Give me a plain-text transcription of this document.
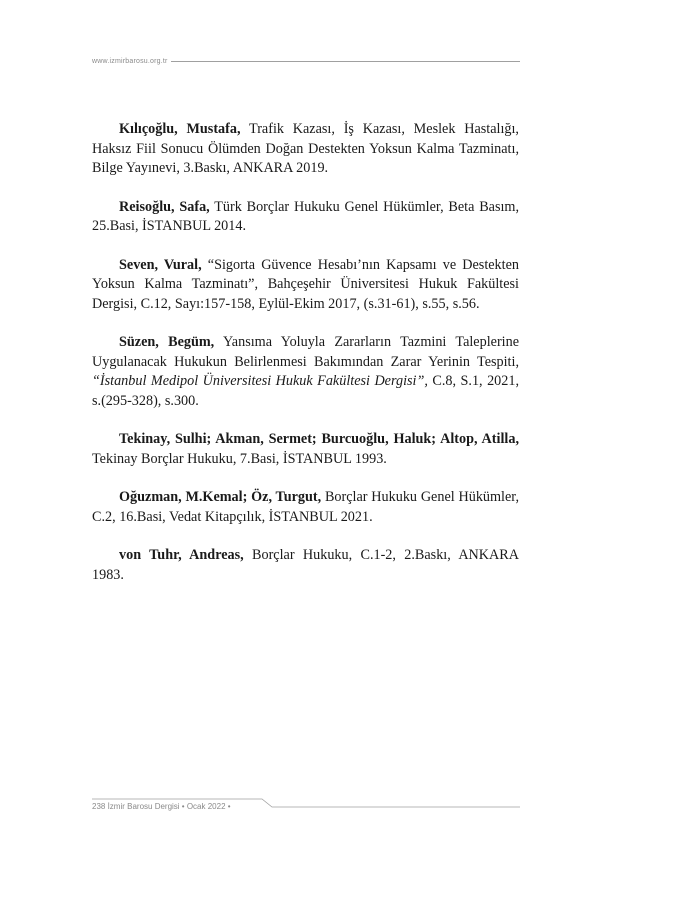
www.izmirbarosu.org.tr

Kılıçoğlu, Mustafa, Trafik Kazası, İş Kazası, Meslek Hastalığı, Haksız Fiil Sonucu Ölümden Doğan Destekten Yoksun Kalma Tazminatı, Bilge Yayınevi, 3.Baskı, ANKARA 2019.

Reisoğlu, Safa, Türk Borçlar Hukuku Genel Hükümler, Beta Basım, 25.Basi, İSTANBUL 2014.

Seven, Vural, “Sigorta Güvence Hesabı’nın Kapsamı ve Destekten Yoksun Kalma Tazminatı”, Bahçeşehir Üniversitesi Hukuk Fakültesi Dergisi, C.12, Sayı:157-158, Eylül-Ekim 2017, (s.31-61), s.55, s.56.

Süzen, Begüm, Yansıma Yoluyla Zararların Tazmini Taleplerine Uygulanacak Hukukun Belirlenmesi Bakımından Zarar Yerinin Tespiti, “İstanbul Medipol Üniversitesi Hukuk Fakültesi Dergisi”, C.8, S.1, 2021, s.(295-328), s.300.

Tekinay, Sulhi; Akman, Sermet; Burcuoğlu, Haluk; Altop, Atilla, Tekinay Borçlar Hukuku, 7.Basi, İSTANBUL 1993.

Oğuzman, M.Kemal; Öz, Turgut, Borçlar Hukuku Genel Hükümler, C.2, 16.Basi, Vedat Kitapçılık, İSTANBUL 2021.

von Tuhr, Andreas, Borçlar Hukuku, C.1-2, 2.Baskı, ANKARA 1983.

238 İzmir Barosu Dergisi • Ocak 2022 •
